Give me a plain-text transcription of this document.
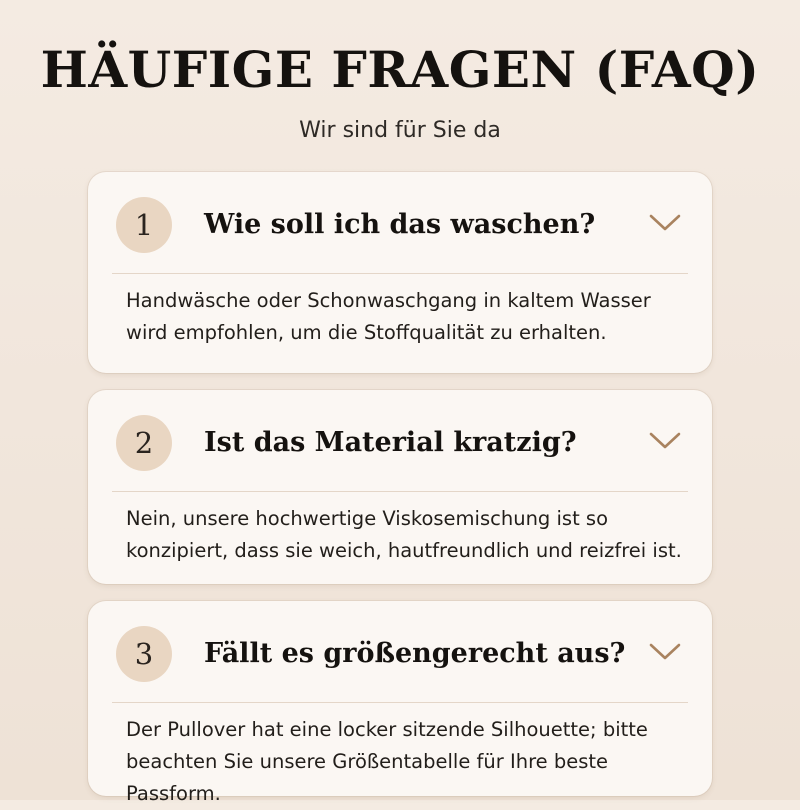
HÄUFIGE FRAGEN (FAQ)
Wir sind für Sie da
1	Wie soll ich das waschen?
Handwäsche oder Schonwaschgang in kaltem Wasser
wird empfohlen, um die Stoffqualität zu erhalten.
2	Ist das Material kratzig?
Nein, unsere hochwertige Viskosemischung ist so
konzipiert, dass sie weich, hautfreundlich und reizfrei ist.
3	Fällt es größengerecht aus?
Der Pullover hat eine locker sitzende Silhouette; bitte
beachten Sie unsere Größentabelle für Ihre beste Passform.
